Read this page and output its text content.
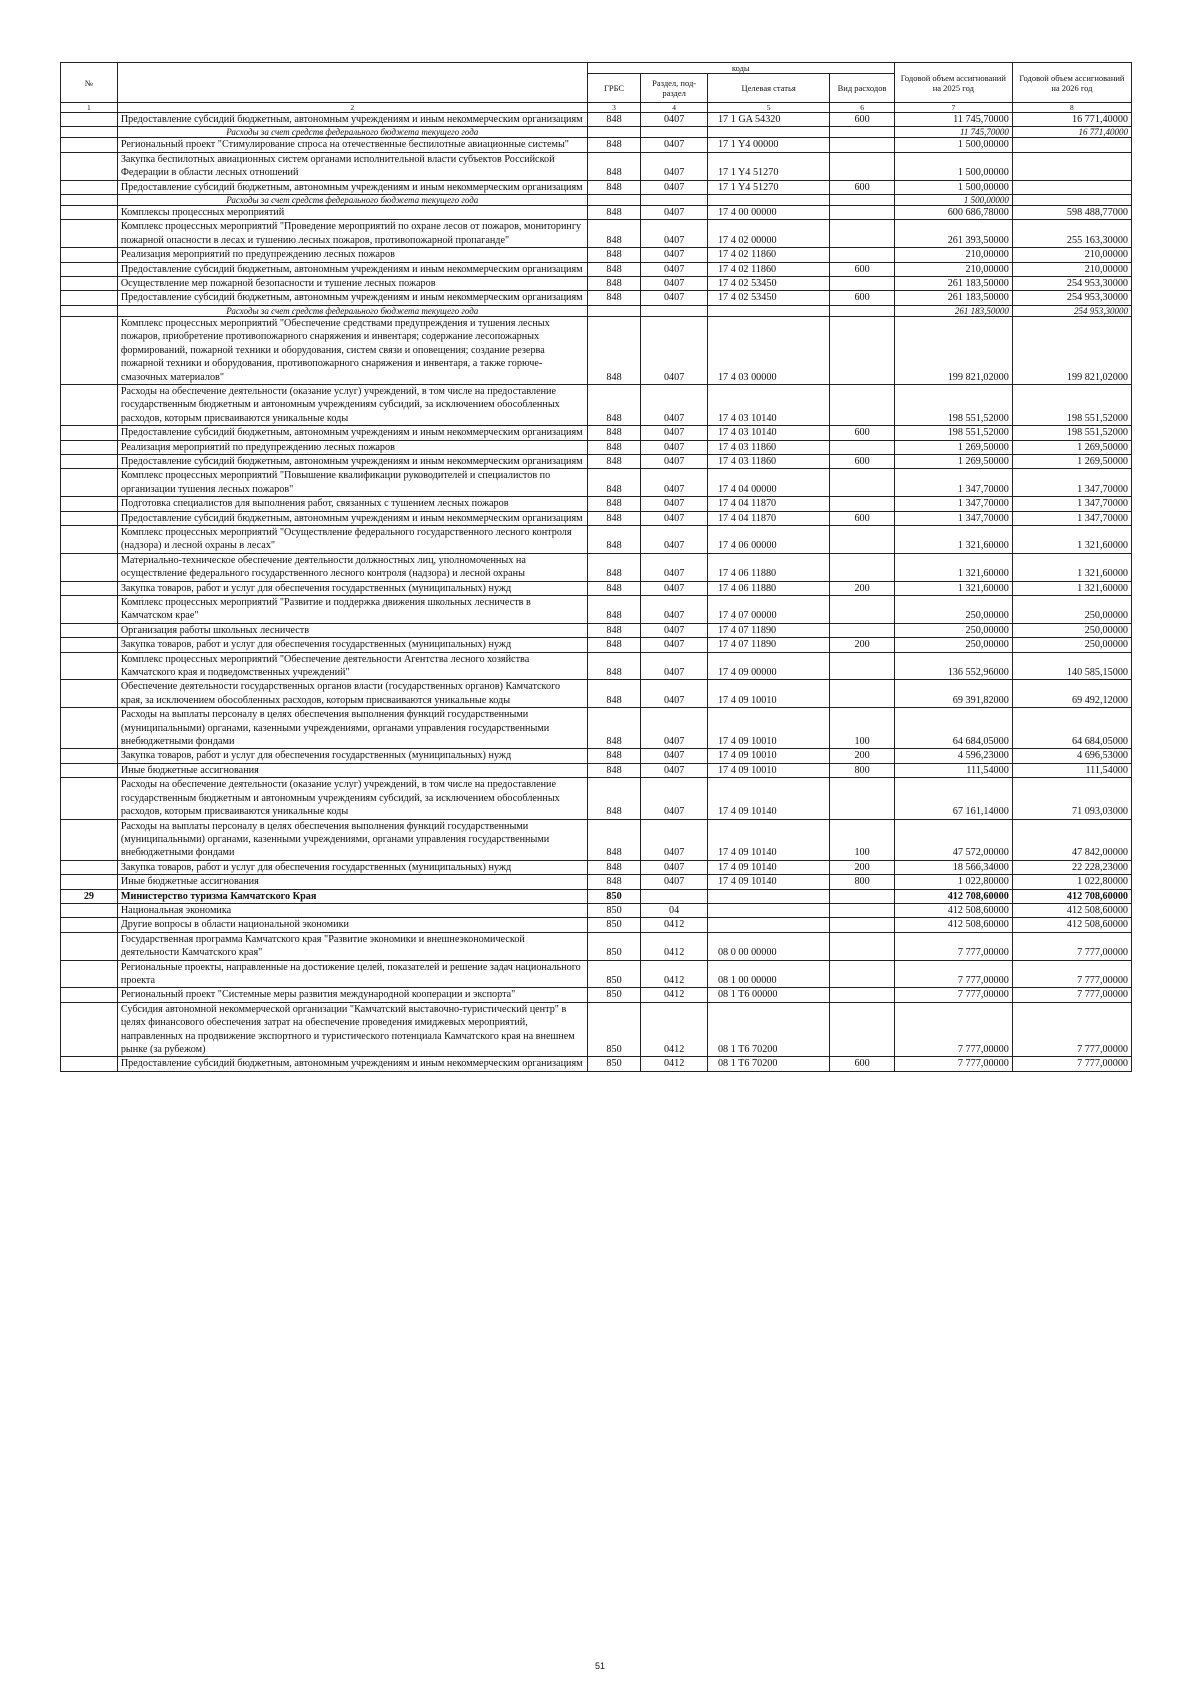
№		коды				Годовой объем ассигнований на 2025 год	Годовой объем ассигнований на 2026 год
		ГРБС	Раздел, под-раздел	Целевая статья	Вид расходов		
1	2	3	4	5	6	7	8
	Предоставление субсидий бюджетным, автономным учреждениям и иным некоммерческим организациям	848	0407	17 1 GA 54320	600	11 745,70000	16 771,40000
	Расходы за счет средств федерального бюджета текущего года					11 745,70000	16 771,40000
	Региональный проект "Стимулирование спроса на отечественные беспилотные авиационные системы"	848	0407	17 1 Y4 00000		1 500,00000	
	Закупка беспилотных авиационных систем органами исполнительной власти субъектов Российской Федерации в области лесных отношений	848	0407	17 1 Y4 51270		1 500,00000	
	Предоставление субсидий бюджетным, автономным учреждениям и иным некоммерческим организациям	848	0407	17 1 Y4 51270	600	1 500,00000	
	Расходы за счет средств федерального бюджета текущего года					1 500,00000	
	Комплексы процессных мероприятий	848	0407	17 4 00 00000		600 686,78000	598 488,77000
	Комплекс процессных мероприятий "Проведение мероприятий по охране лесов от пожаров, мониторингу пожарной опасности в лесах и тушению лесных пожаров, противопожарной пропаганде"	848	0407	17 4 02 00000		261 393,50000	255 163,30000
	Реализация мероприятий по предупреждению лесных пожаров	848	0407	17 4 02 11860		210,00000	210,00000
	Предоставление субсидий бюджетным, автономным учреждениям и иным некоммерческим организациям	848	0407	17 4 02 11860	600	210,00000	210,00000
	Осуществление мер пожарной безопасности и тушение лесных пожаров	848	0407	17 4 02 53450		261 183,50000	254 953,30000
	Предоставление субсидий бюджетным, автономным учреждениям и иным некоммерческим организациям	848	0407	17 4 02 53450	600	261 183,50000	254 953,30000
	Расходы за счет средств федерального бюджета текущего года					261 183,50000	254 953,30000
	Комплекс процессных мероприятий "Обеспечение средствами предупреждения и тушения лесных пожаров, приобретение противопожарного снаряжения и инвентаря; содержание лесопожарных формирований, пожарной техники и оборудования, систем связи и оповещения; создание резерва пожарной техники и оборудования, противопожарного снаряжения и инвентаря, а также горюче-смазочных материалов"	848	0407	17 4 03 00000		199 821,02000	199 821,02000
	Расходы на обеспечение деятельности (оказание услуг) учреждений, в том числе на предоставление государственным бюджетным и автономным учреждениям субсидий, за исключением обособленных расходов, которым присваиваются уникальные коды	848	0407	17 4 03 10140		198 551,52000	198 551,52000
	Предоставление субсидий бюджетным, автономным учреждениям и иным некоммерческим организациям	848	0407	17 4 03 10140	600	198 551,52000	198 551,52000
	Реализация мероприятий по предупреждению лесных пожаров	848	0407	17 4 03 11860		1 269,50000	1 269,50000
	Предоставление субсидий бюджетным, автономным учреждениям и иным некоммерческим организациям	848	0407	17 4 03 11860	600	1 269,50000	1 269,50000
	Комплекс процессных мероприятий "Повышение квалификации руководителей и специалистов по организации тушения лесных пожаров"	848	0407	17 4 04 00000		1 347,70000	1 347,70000
	Подготовка специалистов для выполнения работ, связанных с тушением лесных пожаров	848	0407	17 4 04 11870		1 347,70000	1 347,70000
	Предоставление субсидий бюджетным, автономным учреждениям и иным некоммерческим организациям	848	0407	17 4 04 11870	600	1 347,70000	1 347,70000
	Комплекс процессных мероприятий "Осуществление федерального государственного лесного контроля (надзора) и лесной охраны в лесах"	848	0407	17 4 06 00000		1 321,60000	1 321,60000
	Материально-техническое обеспечение деятельности должностных лиц, уполномоченных на осуществление федерального государственного лесного контроля (надзора) и лесной охраны	848	0407	17 4 06 11880		1 321,60000	1 321,60000
	Закупка товаров, работ и услуг для обеспечения государственных (муниципальных) нужд	848	0407	17 4 06 11880	200	1 321,60000	1 321,60000
	Комплекс процессных мероприятий "Развитие и поддержка движения школьных лесничеств в Камчатском крае"	848	0407	17 4 07 00000		250,00000	250,00000
	Организация работы школьных лесничеств	848	0407	17 4 07 11890		250,00000	250,00000
	Закупка товаров, работ и услуг для обеспечения государственных (муниципальных) нужд	848	0407	17 4 07 11890	200	250,00000	250,00000
	Комплекс процессных мероприятий "Обеспечение деятельности Агентства лесного хозяйства Камчатского края и подведомственных учреждений"	848	0407	17 4 09 00000		136 552,96000	140 585,15000
	Обеспечение деятельности государственных органов власти (государственных органов) Камчатского края, за исключением обособленных расходов, которым присваиваются уникальные коды	848	0407	17 4 09 10010		69 391,82000	69 492,12000
	Расходы на выплаты персоналу в целях обеспечения выполнения функций государственными (муниципальными) органами, казенными учреждениями, органами управления государственными внебюджетными фондами	848	0407	17 4 09 10010	100	64 684,05000	64 684,05000
	Закупка товаров, работ и услуг для обеспечения государственных (муниципальных) нужд	848	0407	17 4 09 10010	200	4 596,23000	4 696,53000
	Иные бюджетные ассигнования	848	0407	17 4 09 10010	800	111,54000	111,54000
	Расходы на обеспечение деятельности (оказание услуг) учреждений, в том числе на предоставление государственным бюджетным и автономным учреждениям субсидий, за исключением обособленных расходов, которым присваиваются уникальные коды	848	0407	17 4 09 10140		67 161,14000	71 093,03000
	Расходы на выплаты персоналу в целях обеспечения выполнения функций государственными (муниципальными) органами, казенными учреждениями, органами управления государственными внебюджетными фондами	848	0407	17 4 09 10140	100	47 572,00000	47 842,00000
	Закупка товаров, работ и услуг для обеспечения государственных (муниципальных) нужд	848	0407	17 4 09 10140	200	18 566,34000	22 228,23000
	Иные бюджетные ассигнования	848	0407	17 4 09 10140	800	1 022,80000	1 022,80000
29	Министерство туризма Камчатского Края	850				412 708,60000	412 708,60000
	Национальная экономика	850	04			412 508,60000	412 508,60000
	Другие вопросы в области национальной экономики	850	0412			412 508,60000	412 508,60000
	Государственная программа Камчатского края "Развитие экономики и внешнеэкономической деятельности Камчатского края"	850	0412	08 0 00 00000		7 777,00000	7 777,00000
	Региональные проекты, направленные на достижение целей, показателей и решение задач национального проекта	850	0412	08 1 00 00000		7 777,00000	7 777,00000
	Региональный проект "Системные меры развития международной кооперации и экспорта"	850	0412	08 1 T6 00000		7 777,00000	7 777,00000
	Субсидия автономной некоммерческой организации "Камчатский выставочно-туристический центр" в целях финансового обеспечения затрат на обеспечение проведения имиджевых мероприятий, направленных на продвижение экспортного и туристического потенциала Камчатского края на внешнем рынке (за рубежом)	850	0412	08 1 T6 70200		7 777,00000	7 777,00000
	Предоставление субсидий бюджетным, автономным учреждениям и иным некоммерческим организациям	850	0412	08 1 T6 70200	600	7 777,00000	7 777,00000
51
